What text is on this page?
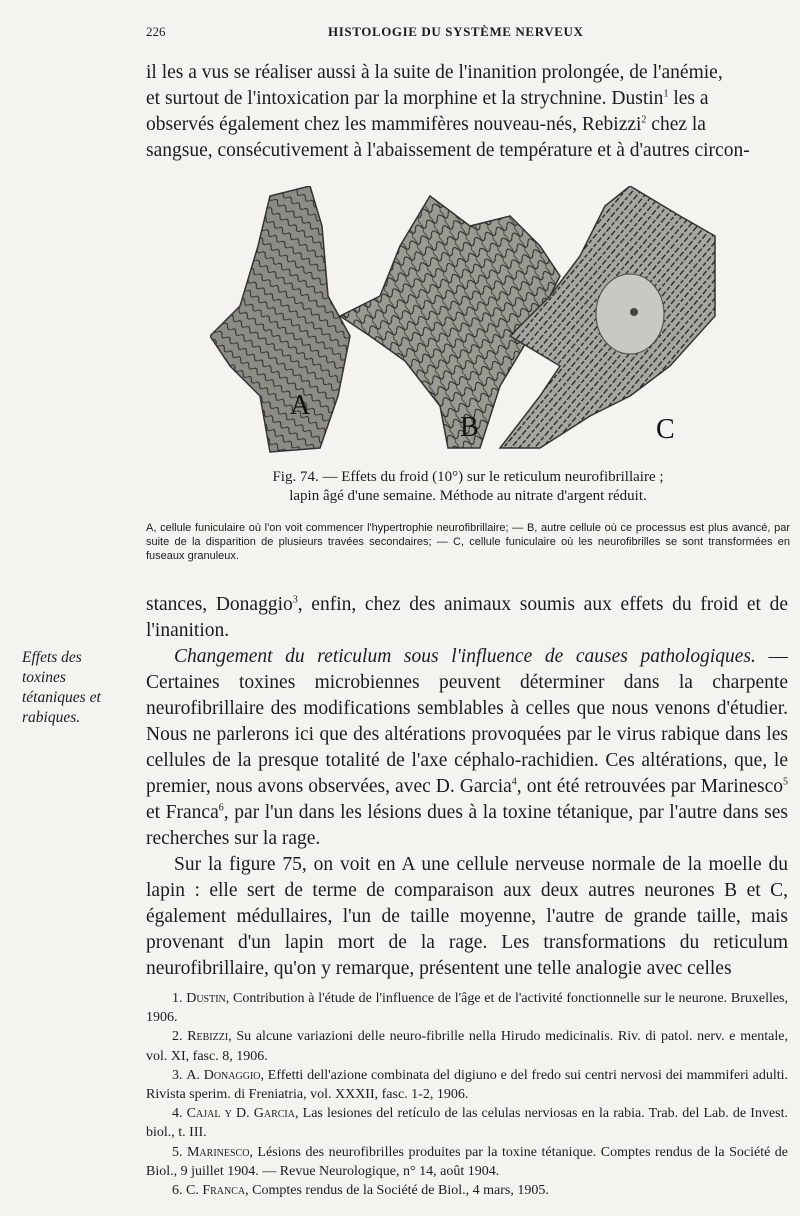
226	HISTOLOGIE DU SYSTÈME NERVEUX

il les a vus se réaliser aussi à la suite de l'inanition prolongée, de l'anémie,

et surtout de l'intoxication par la morphine et la strychnine. Dustin$^1$ les a

observés également chez les mammifères nouveau-nés, Rebizzi$^2$ chez la

sangsue, consécutivement à l'abaissement de température et à d'autres circon-

A
B	C
Fig. 74. — Effets du froid (10°) sur le reticulum neurofibrillaire ;
lapin âgé d'une semaine. Méthode au nitrate d'argent réduit.

A, cellule funiculaire où l'on voit commencer l'hypertrophie neurofibrillaire; — B, autre cellule où ce processus est plus avancé, par suite de la disparition de plusieurs travées secondaires; — C, cellule funiculaire où les neurofibrilles se sont transformées en fuseaux granuleux.

Effets des toxines tétaniques et rabiques.

stances, Donaggio$^3$, enfin, chez des animaux soumis aux effets du froid et de l'inanition.

Changement du reticulum sous l'influence de causes pathologiques. — Certaines toxines microbiennes peuvent déterminer dans la charpente neurofibrillaire des modifications semblables à celles que nous venons d'étudier. Nous ne parlerons ici que des altérations provoquées par le virus rabique dans les cellules de la presque totalité de l'axe céphalo-rachidien. Ces altérations, que, le premier, nous avons observées, avec D. Garcia$^4$, ont été retrouvées par Marinesco$^5$ et Franca$^6$, par l'un dans les lésions dues à la toxine tétanique, par l'autre dans ses recherches sur la rage.

Sur la figure 75, on voit en A une cellule nerveuse normale de la moelle du lapin : elle sert de terme de comparaison aux deux autres neurones B et C, également médullaires, l'un de taille moyenne, l'autre de grande taille, mais provenant d'un lapin mort de la rage. Les transformations du reticulum neurofibrillaire, qu'on y remarque, présentent une telle analogie avec celles

1. Dustin, Contribution à l'étude de l'influence de l'âge et de l'activité fonctionnelle sur le neurone. Bruxelles, 1906.

2. Rebizzi, Su alcune variazioni delle neuro-fibrille nella Hirudo medicinalis. Riv. di patol. nerv. e mentale, vol. XI, fasc. 8, 1906.

3. A. Donaggio, Effetti dell'azione combinata del digiuno e del fredo sui centri nervosi dei mammiferi adulti. Rivista sperim. di Freniatria, vol. XXXII, fasc. 1-2, 1906.

4. Cajal y D. Garcia, Las lesiones del retículo de las celulas nerviosas en la rabia. Trab. del Lab. de Invest. biol., t. III.

5. Marinesco, Lésions des neurofibrilles produites par la toxine tétanique. Comptes rendus de la Société de Biol., 9 juillet 1904. — Revue Neurologique, n° 14, août 1904.

6. C. Franca, Comptes rendus de la Société de Biol., 4 mars, 1905.
